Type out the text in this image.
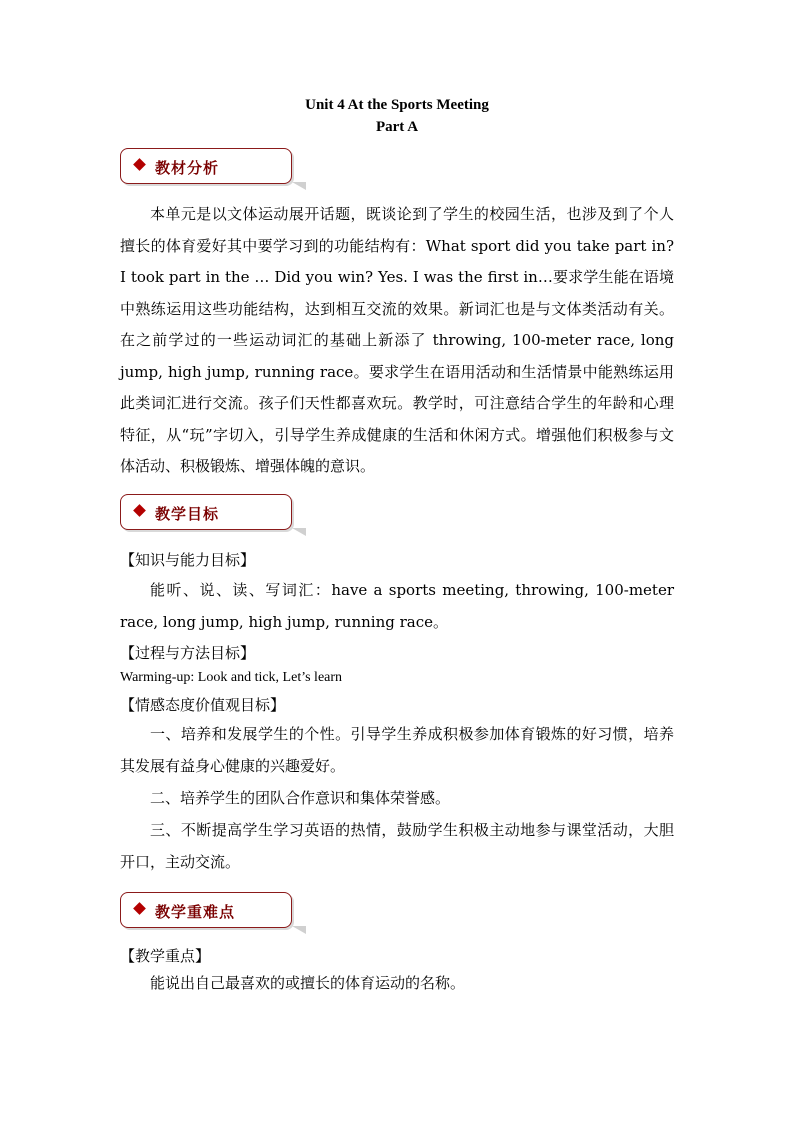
Unit 4 At the Sports Meeting
Part A
教材分析
本单元是以文体运动展开话题，既谈论到了学生的校园生活，也涉及到了个人擅长的体育爱好其中要学习到的功能结构有：What sport did you take part in? I took part in the … Did you win? Yes. I was the first in…要求学生能在语境中熟练运用这些功能结构，达到相互交流的效果。新词汇也是与文体类活动有关。在之前学过的一些运动词汇的基础上新添了 throwing, 100-meter race, long jump, high jump, running race。要求学生在语用活动和生活情景中能熟练运用此类词汇进行交流。孩子们天性都喜欢玩。教学时，可注意结合学生的年龄和心理特征，从“玩”字切入，引导学生养成健康的生活和休闲方式。增强他们积极参与文体活动、积极锻炼、增强体魄的意识。
教学目标
【知识与能力目标】
能听、说、读、写词汇：have a sports meeting, throwing, 100-meter race, long jump, high jump, running race。
【过程与方法目标】
Warming-up: Look and tick, Let’s learn
【情感态度价值观目标】
一、培养和发展学生的个性。引导学生养成积极参加体育锻炼的好习惯，培养其发展有益身心健康的兴趣爱好。
二、培养学生的团队合作意识和集体荣誉感。
三、不断提高学生学习英语的热情，鼓励学生积极主动地参与课堂活动，大胆开口，主动交流。
教学重难点
【教学重点】
能说出自己最喜欢的或擅长的体育运动的名称。
